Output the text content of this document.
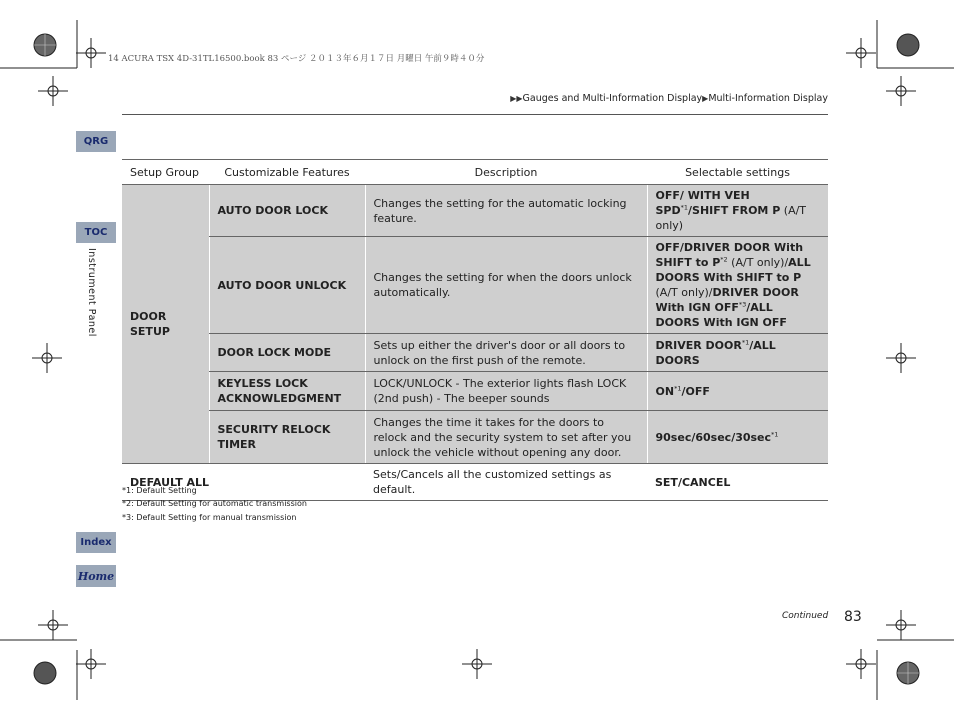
14 ACURA TSX 4D-31TL16500.book 83 ページ ２０１３年６月１７日 月曜日 午前９時４０分
▶▶Gauges and Multi-Information Display▶Multi-Information Display
QRG
TOC
Instrument Panel
Index
Home
Setup Group	Customizable Features	Description	Selectable settings
DOOR SETUP	AUTO DOOR LOCK	Changes the setting for the automatic locking feature.	OFF/ WITH VEH SPD$^{*1}$/SHIFT FROM P (A/T only)
	AUTO DOOR UNLOCK	Changes the setting for when the doors unlock automatically.	OFF/DRIVER DOOR With SHIFT to $P^{*2}$ (A/T only)/ALL DOORS With SHIFT to P (A/T only)/DRIVER DOOR With IGN OFF$^{*3}$/ALL DOORS With IGN OFF
	DOOR LOCK MODE	Sets up either the driver's door or all doors to unlock on the first push of the remote.	DRIVER DOOR$^{*1}$/ALL DOORS
	KEYLESS LOCK ACKNOWLEDGMENT	LOCK/UNLOCK - The exterior lights flash LOCK (2nd push) - The beeper sounds	ON$^{*1}$/OFF
	SECURITY RELOCK TIMER	Changes the time it takes for the doors to relock and the security system to set after you unlock the vehicle without opening any door.	$90\sec/60\sec/30\sec^{*1}$
DEFAULT ALL		Sets/Cancels all the customized settings as default.	SET/CANCEL
*1: Default Setting
*2: Default Setting for automatic transmission
*3: Default Setting for manual transmission
Continued 83
